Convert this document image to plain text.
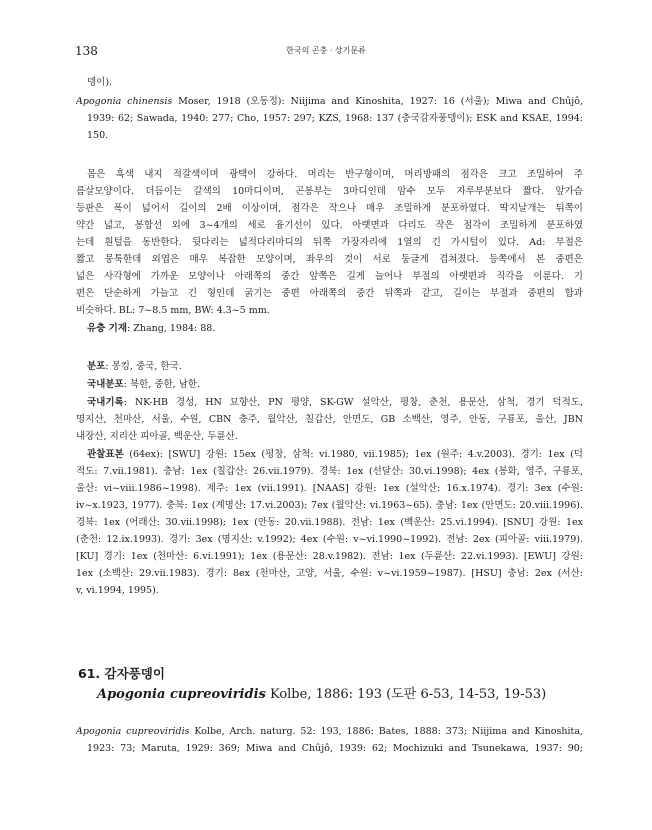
138	한국의 곤충 · 상기문류
뎅이).
Apogonia chinensis Moser, 1918 (오동정): Niijima and Kinoshita, 1927: 16 (서울); Miwa and Chûjô,
1939: 62; Sawada, 1940: 277; Cho, 1957: 297; KZS, 1968: 137 (충국감자풍뎅이); ESK and KSAE, 1994:
150.
몸은 흑색 내지 적갈색이며 광택이 강하다. 머리는 반구형이며, 머리방패의 점각은 크고 조밀하여 주
름살모양이다. 더듬이는 갈색의 10마디이며, 곤봉부는 3마디인데 암수 모두 자루부분보다 짧다. 앞가슴
등판은 폭이 넓어서 길이의 2배 이상이며, 점각은 작으나 매우 조밀하게 분포하였다. 딱지날개는 뒤쪽이
약간 넓고, 봉합선 외에 3~4개의 세로 융기선이 있다. 아랫면과 다리도 작은 점각이 조밀하게 분포하였
는데 흰털을 동반한다. 뒷다리는 넓적다리마디의 뒤쪽 가장자리에 1열의 긴 가시털이 있다. Ad: 부절은
짧고 뭉툭한데 외엽은 매우 복잡한 모양이며, 좌우의 것이 서로 둥글게 겹쳐졌다. 등쪽에서 본 중편은
넓은 사각형에 가까운 모양이나 아래쪽의 중간 앞쪽은 길게 늘어나 부절의 아랫편과 직각을 이룬다. 기
편은 단순하게 가늘고 긴 형인데 굵기는 중편 아래쪽의 중간 뒤쪽과 같고, 길이는 부절과 중편의 합과
비슷하다. BL: 7~8.5 mm, BW: 4.3~5 mm.
유충 기재: Zhang, 1984: 88.
분포: 몽킹, 중국, 한국.
국내분포: 북한, 중한, 남한.
국내기록: NK-HB 경성, HN 묘향산, PN 평양, SK-GW 설악산, 평창, 춘천, 용문산, 삼척, 경기 덕적도,
명지산, 천마산, 서울, 수원, CBN 충주, 월악산, 칠갑산, 안면도, GB 소백산, 영주, 안동, 구룡포, 울산, JBN
내장산, 지리산 피아골, 백운산, 두륜산.
관찰표본 (64ex): [SWU] 강원: 15ex (평창, 삼척: vi.1980, vii.1985); 1ex (원주: 4.v.2003). 경기: 1ex (덕
적도: 7.vii.1981). 충남: 1ex (칠갑산: 26.vii.1979). 경북: 1ex (선달산: 30.vi.1998); 4ex (봉화, 영주, 구룡포,
울산: vi~viii.1986~1998). 제주: 1ex (vii.1991). [NAAS] 강원: 1ex (설악산: 16.x.1974). 경기: 3ex (수원:
iv~x.1923, 1977). 충북: 1ex (계명산: 17.vi.2003); 7ex (월악산: vi.1963~65). 충남: 1ex (안면도: 20.viii.1996).
경북: 1ex (어래산: 30.vii.1998); 1ex (안동: 20.vii.1988). 전남: 1ex (백운산: 25.vi.1994). [SNU] 강원: 1ex
(춘천: 12.ix.1993). 경기: 3ex (명지산: v.1992); 4ex (수원: v~vi.1990~1992). 전남: 2ex (피아골: viii.1979).
[KU] 경기: 1ex (천마산: 6.vi.1991); 1ex (용문산: 28.v.1982). 전남: 1ex (두륜산: 22.vi.1993). [EWU] 강원:
1ex (소백산: 29.vii.1983). 경기: 8ex (천마산, 고양, 서울, 수원: v~vi.1959~1987). [HSU] 충남: 2ex (서산:
v, vi.1994, 1995).
61. 감자풍뎅이
Apogonia cupreoviridis Kolbe, 1886: 193 (도판 6-53, 14-53, 19-53)
Apogonia cupreoviridis Kolbe, Arch. naturg. 52: 193, 1886: Bates, 1888: 373; Niijima and Kinoshita,
1923: 73; Maruta, 1929: 369; Miwa and Chûjô, 1939: 62; Mochizuki and Tsunekawa, 1937: 90;
